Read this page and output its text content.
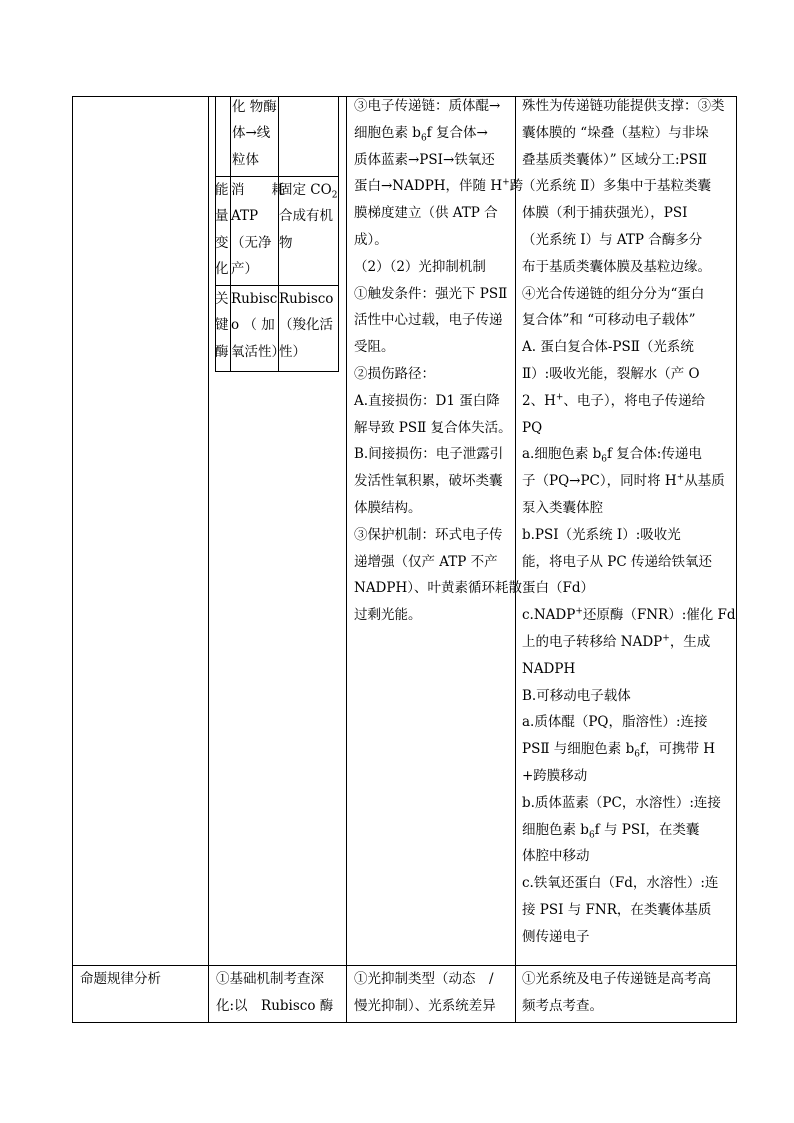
化 物酶

体→线

粒体

能

量

变

化

消　　耗

ATP

（无净

产）

固定 $CO_2$

合成有机

物

关

键

酶

Rubisc

o （ 加

氧活性）

Rubisco

（羧化活

性）

③电子传递链：质体醌→

细胞色素 $b_6f$ 复合体→

质体蓝素→PSⅠ→铁氧还

蛋白→NADPH，伴随 H+跨

膜梯度建立（供 ATP 合

成）。

（2）（2）光抑制机制

①触发条件：强光下 PSⅡ

活性中心过载，电子传递

受阻。

②损伤路径：

A.直接损伤：D1 蛋白降

解导致 PSⅡ 复合体失活。

B.间接损伤：电子泄露引

发活性氧积累，破坏类囊

体膜结构。

③保护机制：环式电子传

递增强（仅产 ATP 不产

NADPH）、叶黄素循环耗散

过剩光能。

殊性为传递链功能提供支撑：③类

囊体膜的 “垛叠（基粒）与非垛

叠基质类囊体）” 区域分工:PSⅡ

（光系统 Ⅱ）多集中于基粒类囊

体膜（利于捕获强光），PSⅠ

（光系统 Ⅰ）与 ATP 合酶多分

布于基质类囊体膜及基粒边缘。

④光合传递链的组分分为“蛋白

复合体”和 “可移动电子载体”

A. 蛋白复合体-PSⅡ（光系统

Ⅱ）:吸收光能，裂解水（产 O

2、H+、电子），将电子传递给

PQ

a.细胞色素 $b_6f$ 复合体:传递电

子（PQ→PC），同时将 H+从基质

泵入类囊体腔

b.PSⅠ（光系统 Ⅰ）:吸收光

能，将电子从 PC 传递给铁氧还

蛋白（Fd）

c.NADP+还原酶（FNR）:催化 Fd

上的电子转移给 NADP+，生成

NADPH

B.可移动电子载体

a.质体醌（PQ，脂溶性）:连接

PSⅡ 与细胞色素 $b_6f$，可携带 H

+跨膜移动

b.质体蓝素（PC，水溶性）:连接

细胞色素 $b_6f$ 与 PSⅠ，在类囊

体腔中移动

c.铁氧还蛋白（Fd，水溶性）:连

接 PSⅠ 与 FNR，在类囊体基质

侧传递电子

命题规律分析	①基础机制考查深

化:以　Rubisco 酶

①光抑制类型（动态　/

慢光抑制）、光系统差异

①光系统及电子传递链是高考高

频考点考查。
